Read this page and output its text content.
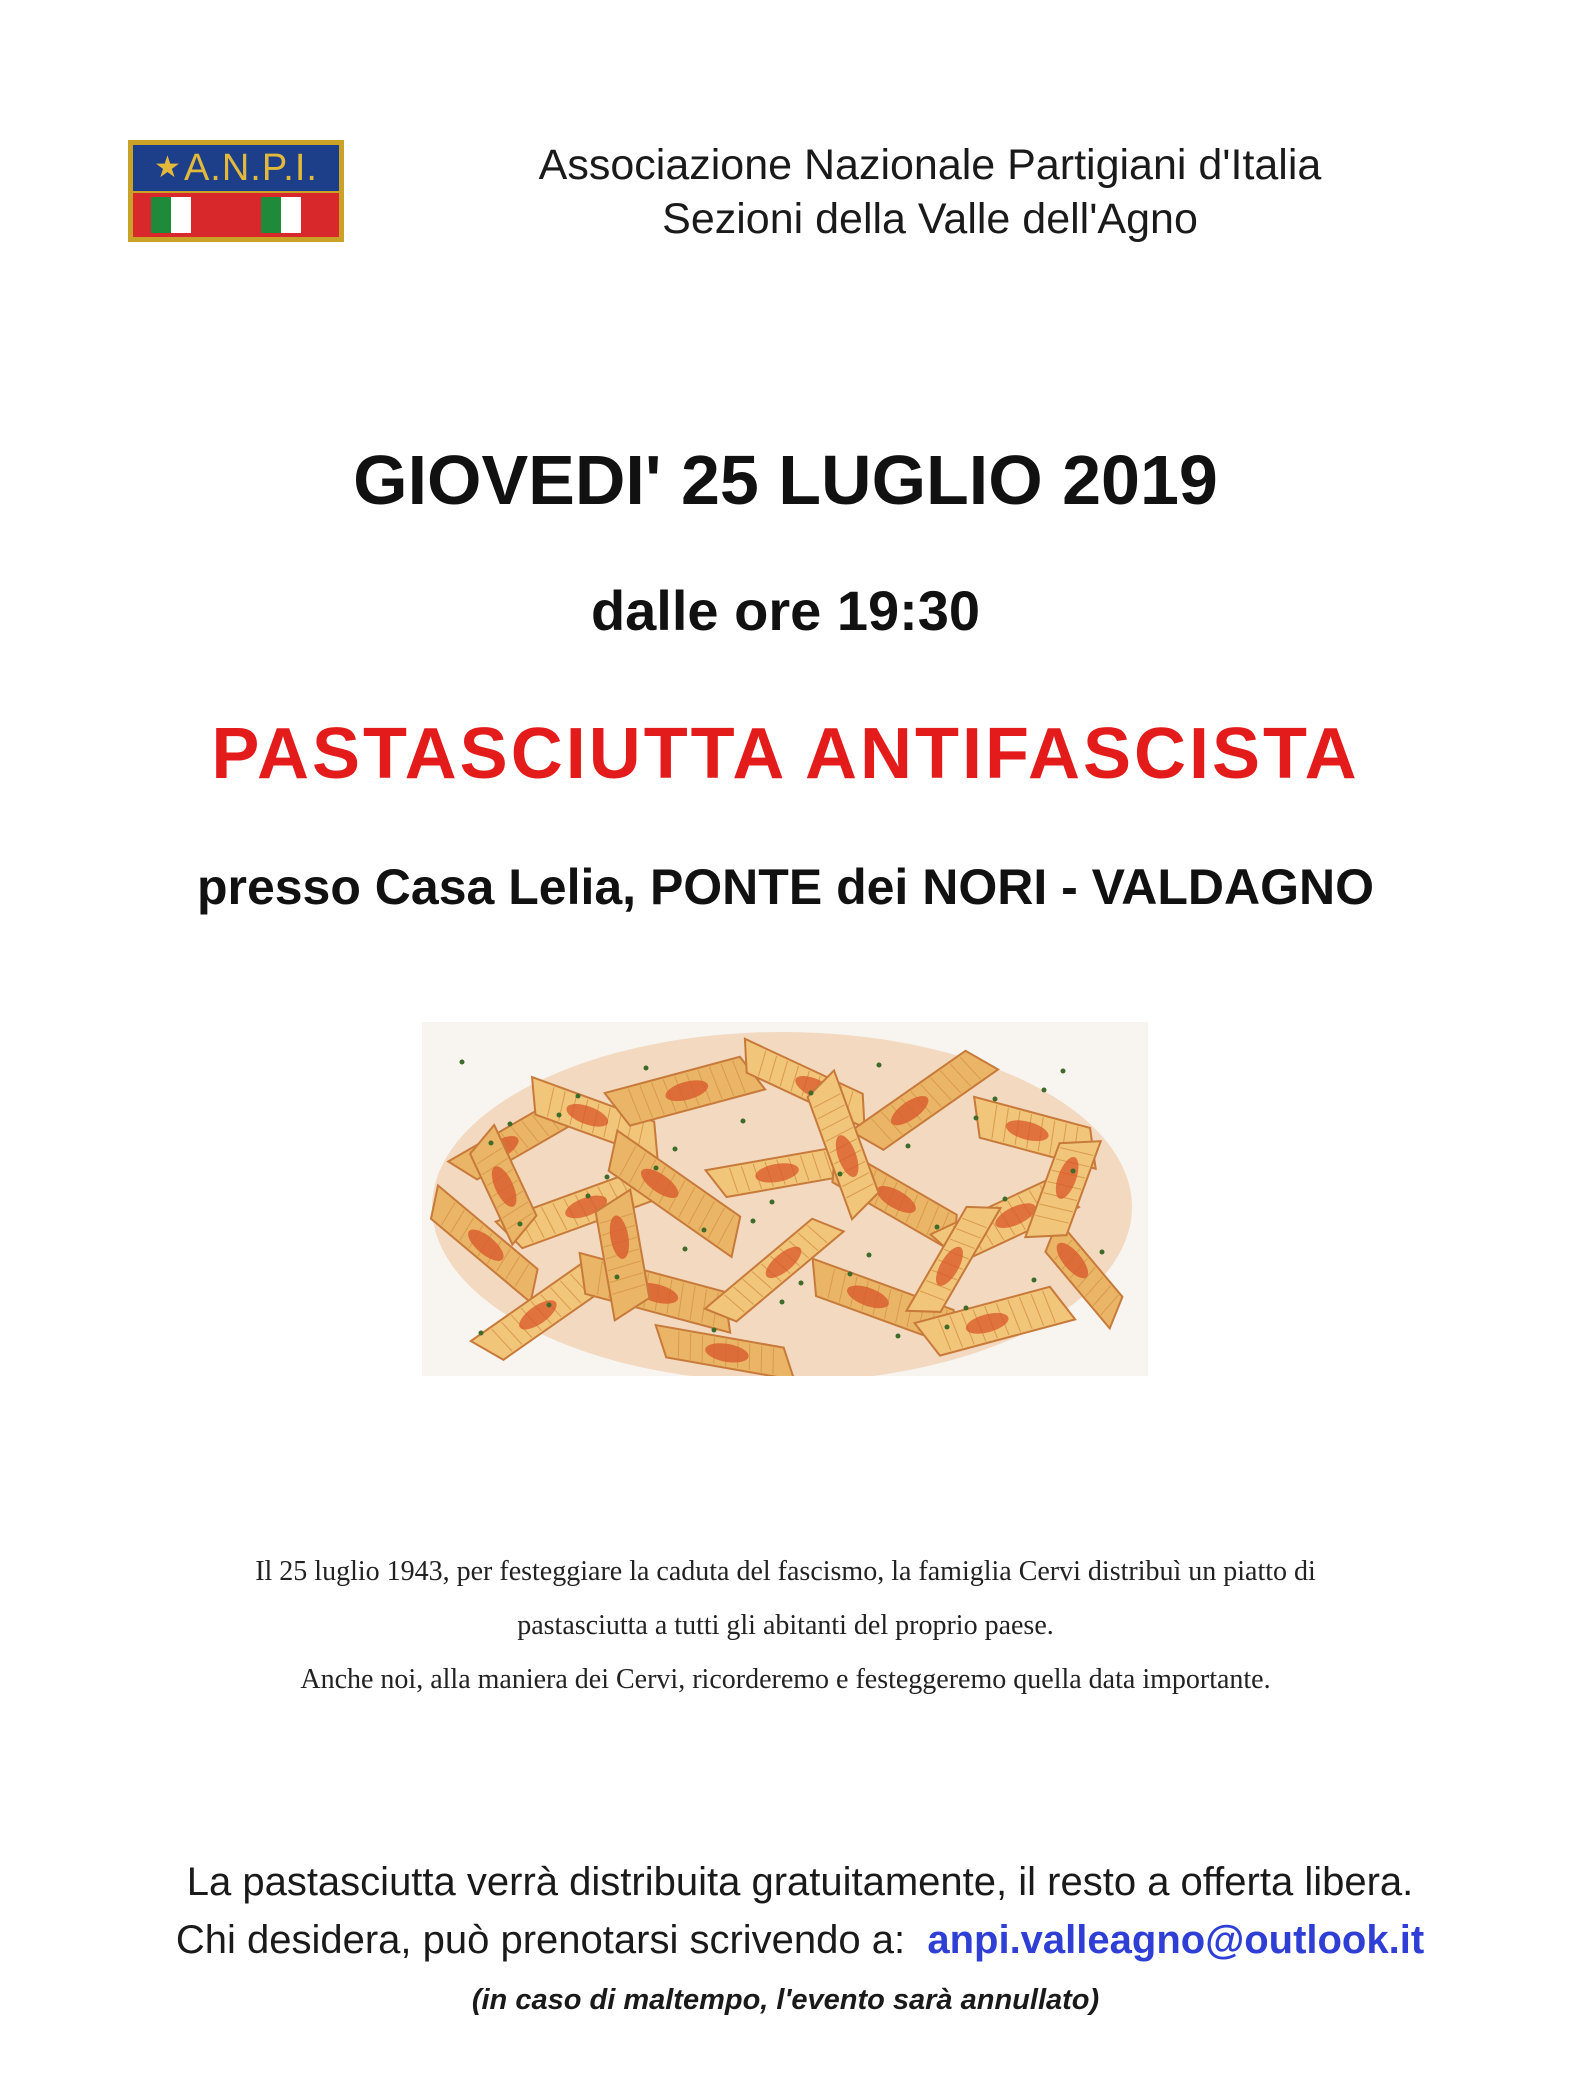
★ A.N.P.I.	Associazione Nazionale Partigiani d'Italia
Sezioni della Valle dell'Agno
GIOVEDI' 25 LUGLIO 2019
dalle ore 19:30
PASTASCIUTTA ANTIFASCISTA
presso Casa Lelia, PONTE dei NORI - VALDAGNO
Il 25 luglio 1943, per festeggiare la caduta del fascismo, la famiglia Cervi distribuì un piatto di
pastasciutta a tutti gli abitanti del proprio paese.
Anche noi, alla maniera dei Cervi, ricorderemo e festeggeremo quella data importante.
La pastasciutta verrà distribuita gratuitamente, il resto a offerta libera.
Chi desidera, può prenotarsi scrivendo a: anpi.valleagno@outlook.it
(in caso di maltempo, l'evento sarà annullato)
